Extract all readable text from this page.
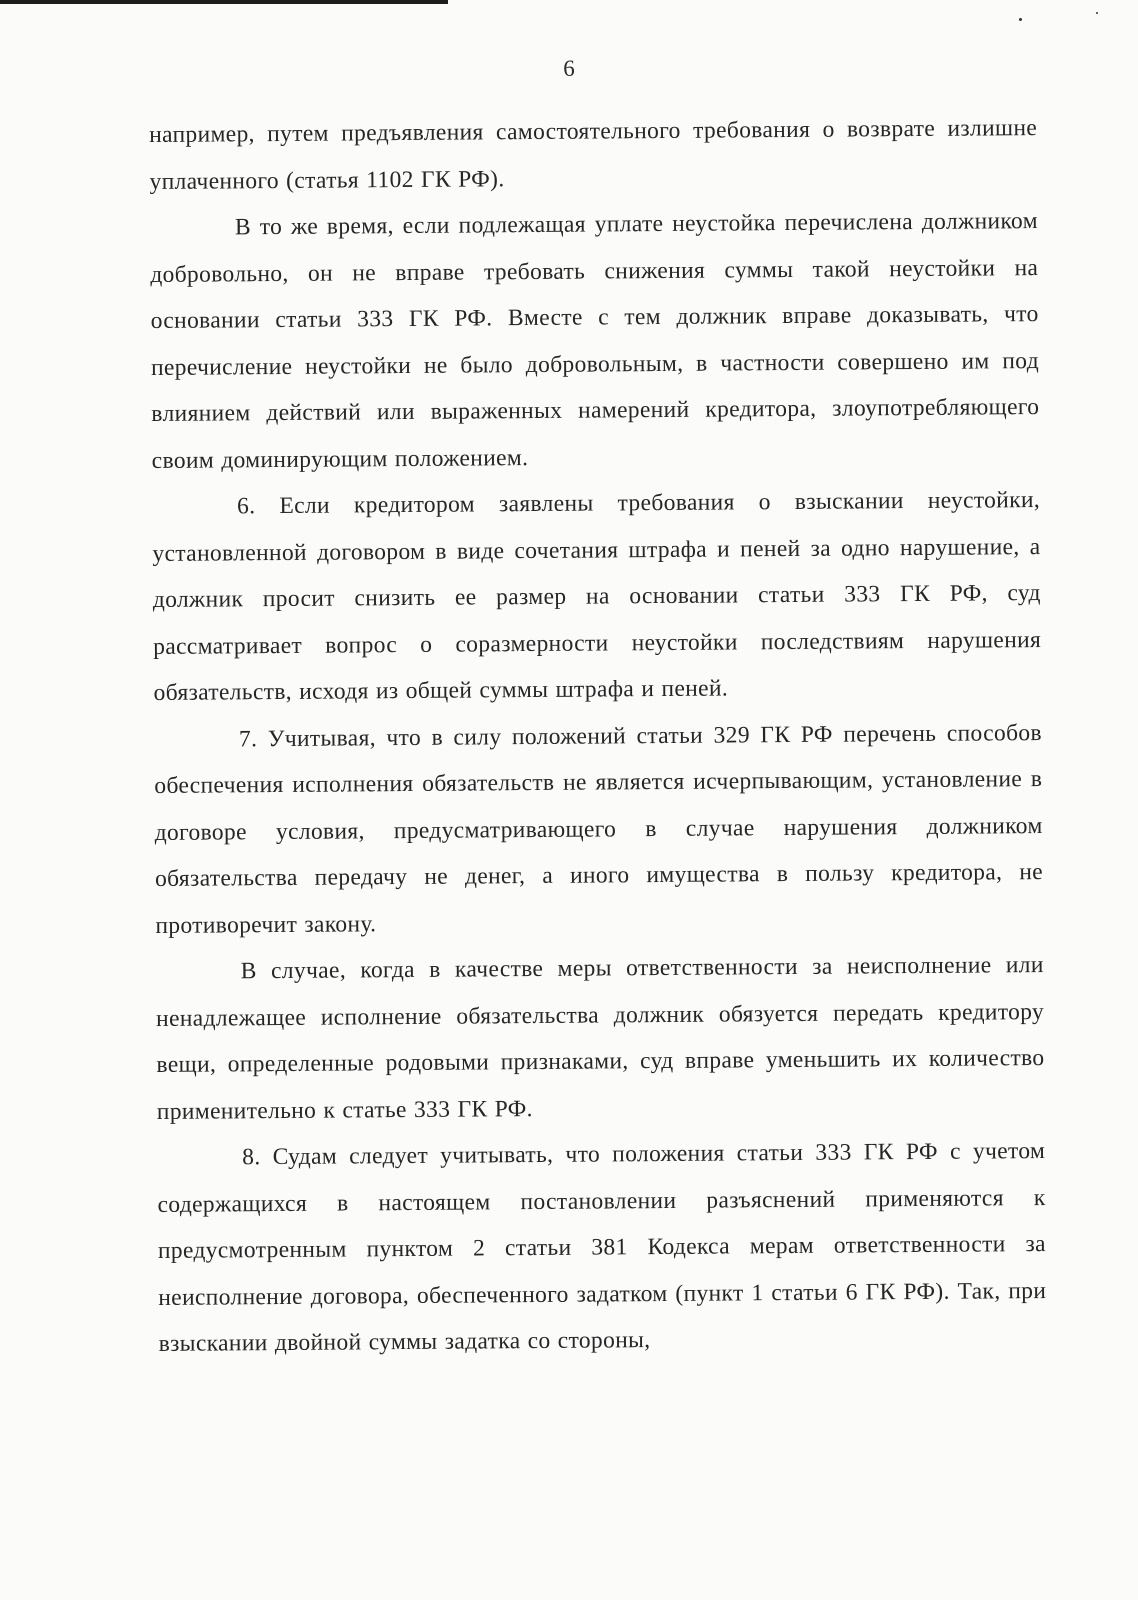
6

например, путем предъявления самостоятельного требования о возврате излишне уплаченного (статья 1102 ГК РФ).

В то же время, если подлежащая уплате неустойка перечислена должником добровольно, он не вправе требовать снижения суммы такой неустойки на основании статьи 333 ГК РФ. Вместе с тем должник вправе доказывать, что перечисление неустойки не было добровольным, в частности совершено им под влиянием действий или выраженных намерений кредитора, злоупотребляющего своим доминирующим положением.

6. Если кредитором заявлены требования о взыскании неустойки, установленной договором в виде сочетания штрафа и пеней за одно нарушение, а должник просит снизить ее размер на основании статьи 333 ГК РФ, суд рассматривает вопрос о соразмерности неустойки последствиям нарушения обязательств, исходя из общей суммы штрафа и пеней.

7. Учитывая, что в силу положений статьи 329 ГК РФ перечень способов обеспечения исполнения обязательств не является исчерпывающим, установление в договоре условия, предусматривающего в случае нарушения должником обязательства передачу не денег, а иного имущества в пользу кредитора, не противоречит закону.

В случае, когда в качестве меры ответственности за неисполнение или ненадлежащее исполнение обязательства должник обязуется передать кредитору вещи, определенные родовыми признаками, суд вправе уменьшить их количество применительно к статье 333 ГК РФ.

8. Судам следует учитывать, что положения статьи 333 ГК РФ с учетом содержащихся в настоящем постановлении разъяснений применяются к предусмотренным пунктом 2 статьи 381 Кодекса мерам ответственности за неисполнение договора, обеспеченного задатком (пункт 1 статьи 6 ГК РФ). Так, при взыскании двойной суммы задатка со стороны,
